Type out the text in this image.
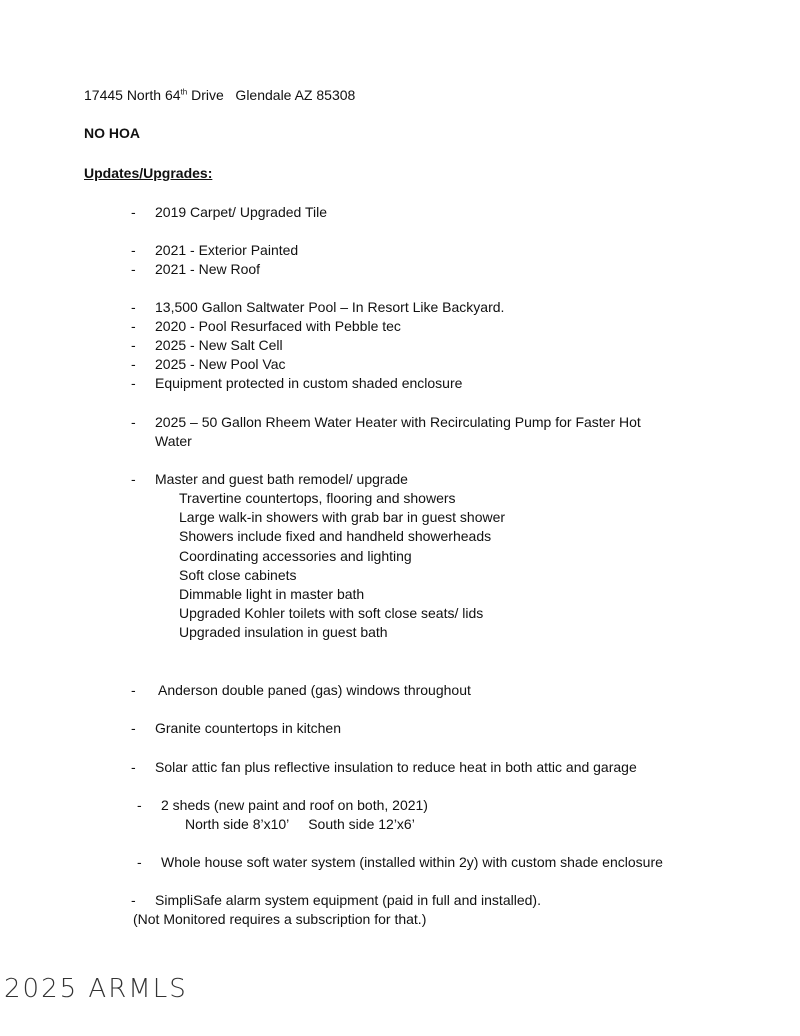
17445 North 64th Drive   Glendale AZ 85308
NO HOA
Updates/Upgrades:
-
-
-
-
-
-
-
-
-
-
-
-
-
-
-
-
2019 Carpet/ Upgraded Tile
2021 - Exterior Painted
2021 - New Roof
13,500 Gallon Saltwater Pool – In Resort Like Backyard.
2020 - Pool Resurfaced with Pebble tec
2025 - New Salt Cell
2025 - New Pool Vac
Equipment protected in custom shaded enclosure
2025 – 50 Gallon Rheem Water Heater with Recirculating Pump for Faster Hot
Water
Master and guest bath remodel/ upgrade
Travertine countertops, flooring and showers
Large walk-in showers with grab bar in guest shower
Showers include fixed and handheld showerheads
Coordinating accessories and lighting
Soft close cabinets
Dimmable light in master bath
Upgraded Kohler toilets with soft close seats/ lids
Upgraded insulation in guest bath
Anderson double paned (gas) windows throughout
Granite countertops in kitchen
Solar attic fan plus reflective insulation to reduce heat in both attic and garage
2 sheds (new paint and roof on both, 2021)
North side 8’x10’     South side 12’x6’
Whole house soft water system (installed within 2y) with custom shade enclosure
SimpliSafe alarm system equipment (paid in full and installed).
(Not Monitored requires a subscription for that.)
2025 ARMLS
